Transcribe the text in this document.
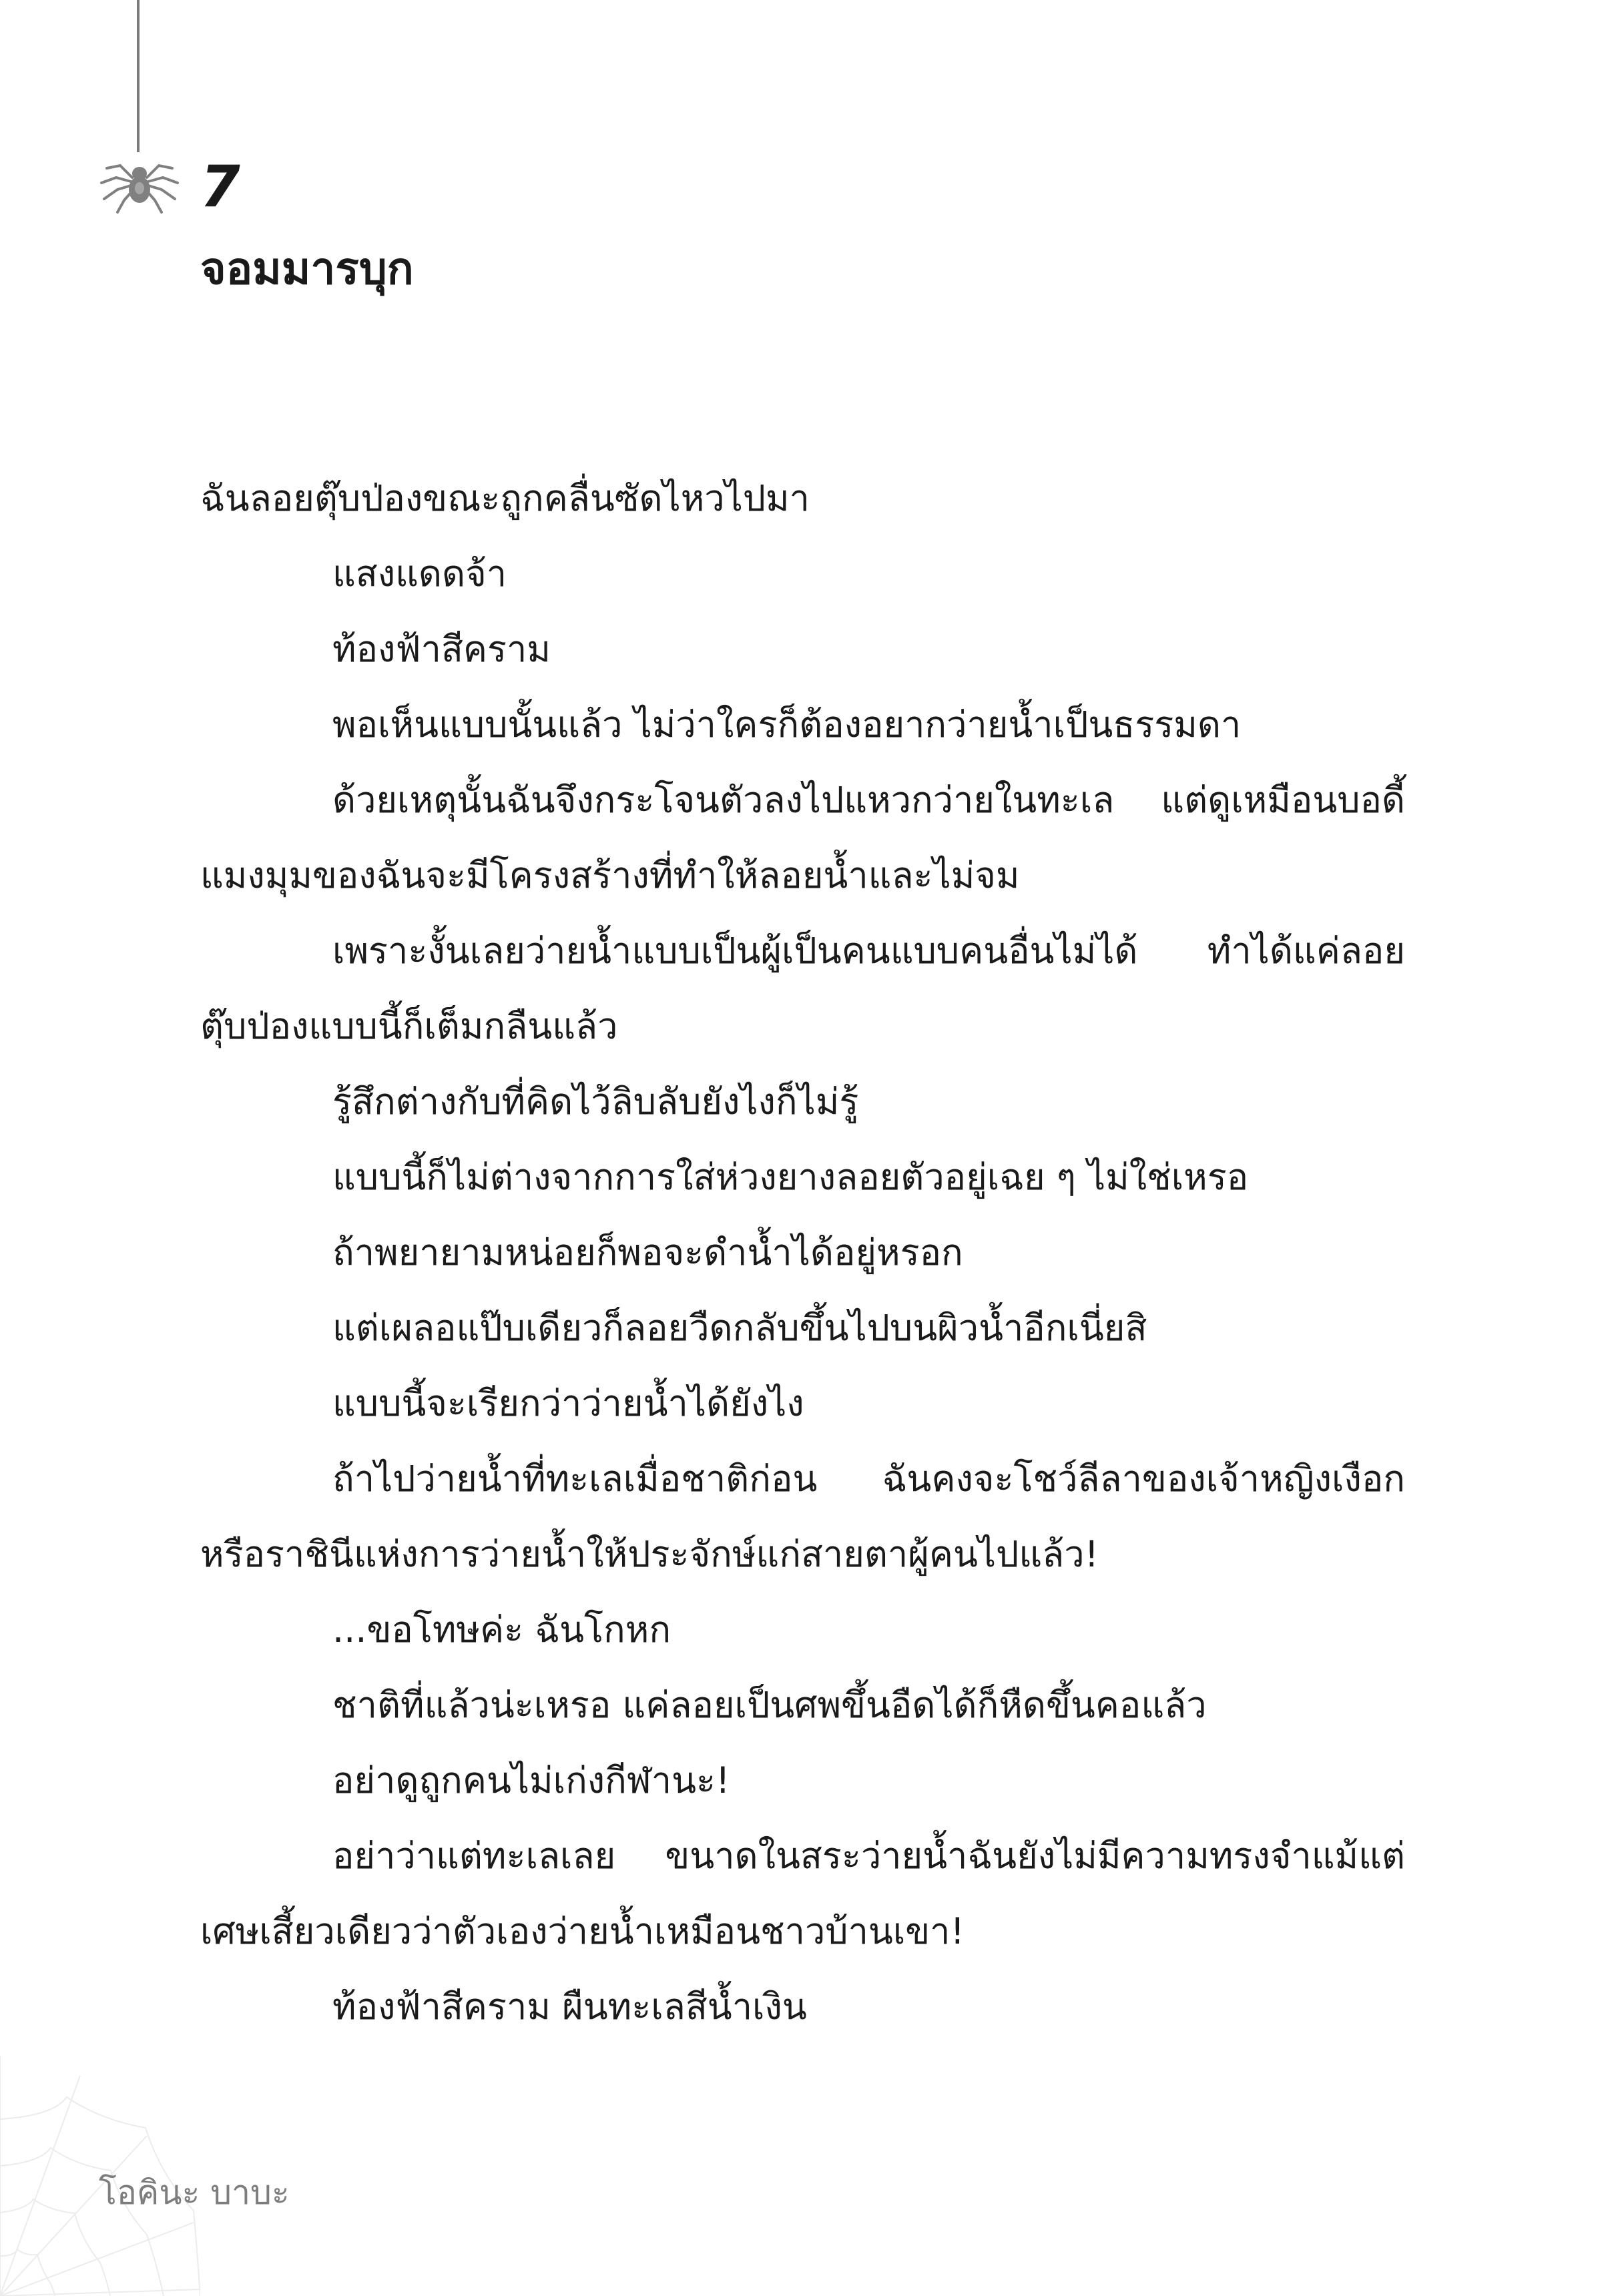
7
จอมมารบุก

ฉันลอยตุ๊บป่องขณะถูกคลื่นซัดไหวไปมา

แสงแดดจ้า

ท้องฟ้าสีคราม

พอเห็นแบบนั้นแล้ว ไม่ว่าใครก็ต้องอยากว่ายน้ำเป็นธรรมดา

ด้วยเหตุนั้นฉันจึงกระโจนตัวลงไปแหวกว่ายในทะเล แต่ดูเหมือนบอดี้แมงมุมของฉันจะมีโครงสร้างที่ทำให้ลอยน้ำและไม่จม

เพราะงั้นเลยว่ายน้ำแบบเป็นผู้เป็นคนแบบคนอื่นไม่ได้ ทำได้แค่ลอยตุ๊บป่องแบบนี้ก็เต็มกลืนแล้ว

รู้สึกต่างกับที่คิดไว้ลิบลับยังไงก็ไม่รู้

แบบนี้ก็ไม่ต่างจากการใส่ห่วงยางลอยตัวอยู่เฉย ๆ ไม่ใช่เหรอ

ถ้าพยายามหน่อยก็พอจะดำน้ำได้อยู่หรอก

แต่เผลอแป๊บเดียวก็ลอยวืดกลับขึ้นไปบนผิวน้ำอีกเนี่ยสิ

แบบนี้จะเรียกว่าว่ายน้ำได้ยังไง

ถ้าไปว่ายน้ำที่ทะเลเมื่อชาติก่อน ฉันคงจะโชว์ลีลาของเจ้าหญิงเงือก หรือราชินีแห่งการว่ายน้ำให้ประจักษ์แก่สายตาผู้คนไปแล้ว!

...ขอโทษค่ะ ฉันโกหก

ชาติที่แล้วน่ะเหรอ แค่ลอยเป็นศพขึ้นอืดได้ก็หืดขึ้นคอแล้ว

อย่าดูถูกคนไม่เก่งกีฬานะ!

อย่าว่าแต่ทะเลเลย ขนาดในสระว่ายน้ำฉันยังไม่มีความทรงจำแม้แต่เศษเสี้ยวเดียวว่าตัวเองว่ายน้ำเหมือนชาวบ้านเขา!

ท้องฟ้าสีคราม ผืนทะเลสีน้ำเงิน

โอคินะ บาบะ
